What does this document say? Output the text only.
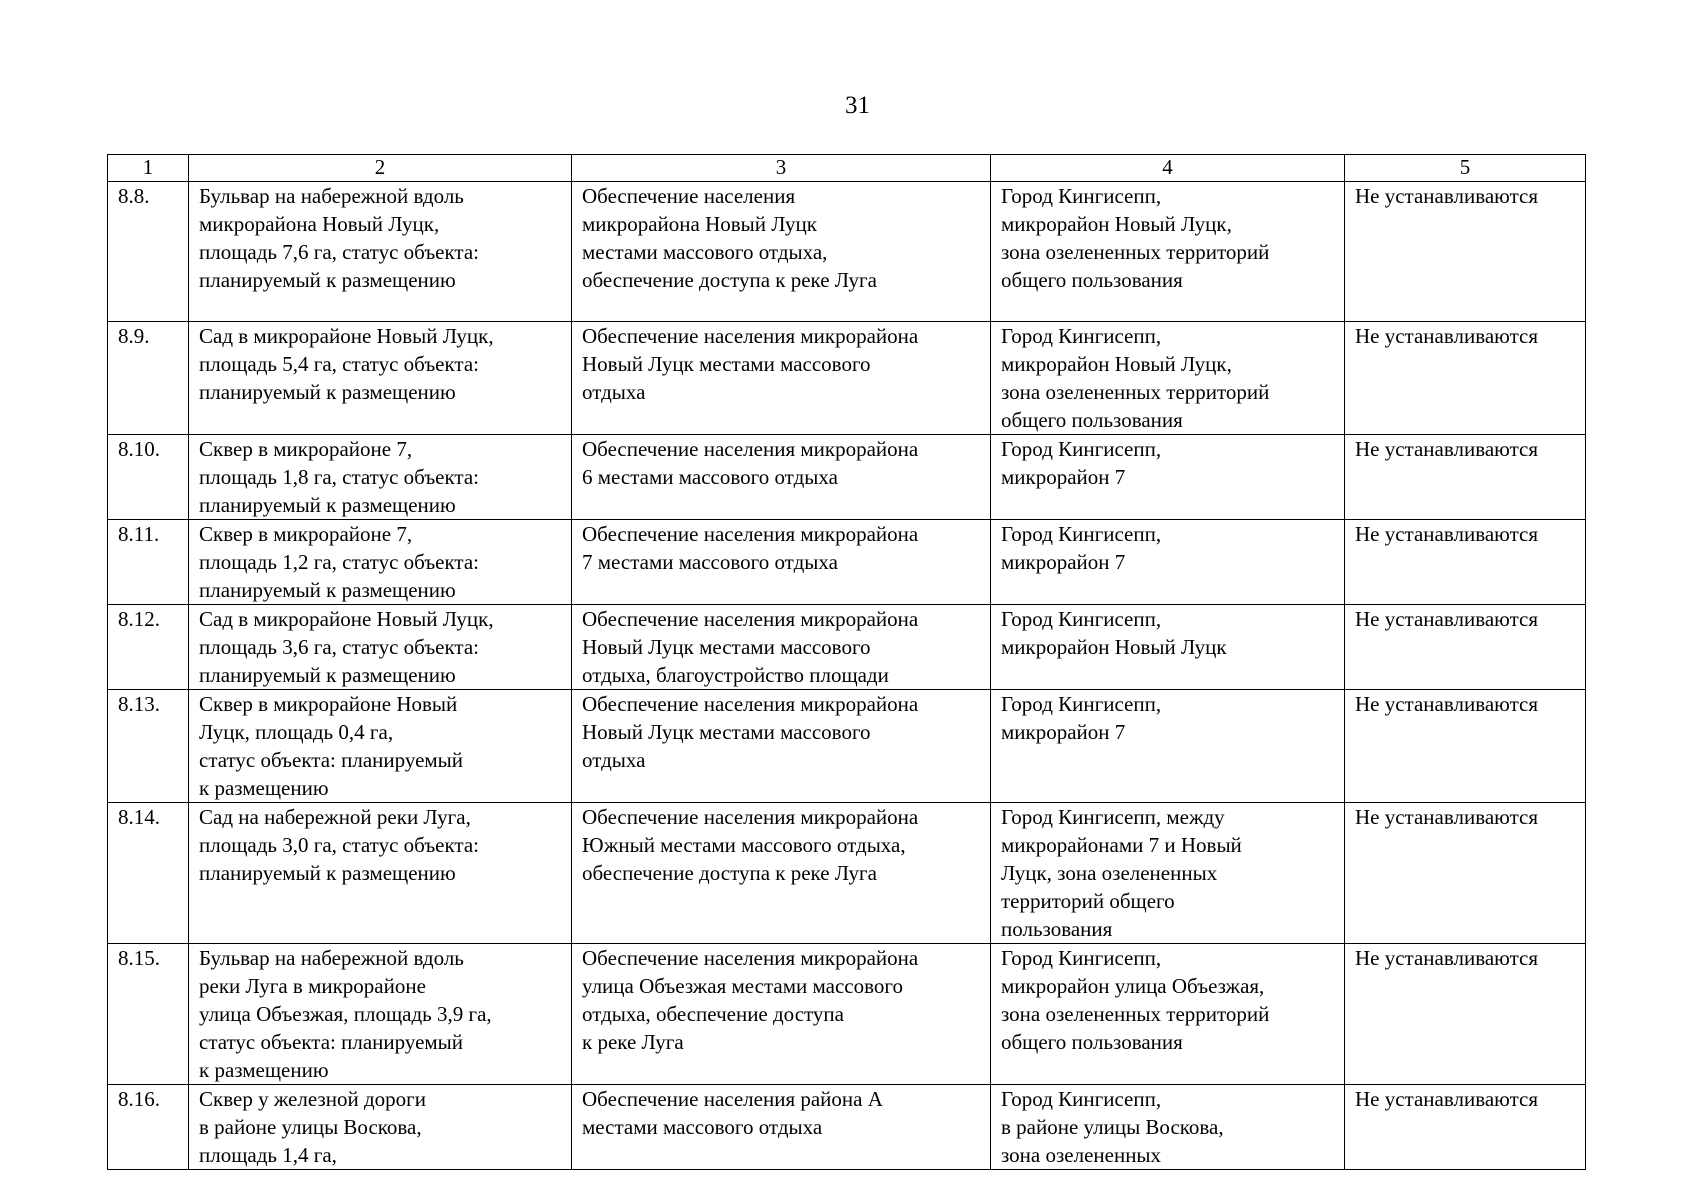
31
1	2	3	4	5
8.8.	Бульвар на набережной вдоль
микрорайона Новый Луцк,
площадь 7,6 га, статус объекта:
планируемый к размещению	Обеспечение населения
микрорайона Новый Луцк
местами массового отдыха,
обеспечение доступа к реке Луга	Город Кингисепп,
микрорайон Новый Луцк,
зона озелененных территорий
общего пользования	Не устанавливаются
8.9.	Сад в микрорайоне Новый Луцк,
площадь 5,4 га, статус объекта:
планируемый к размещению	Обеспечение населения микрорайона
Новый Луцк местами массового
отдыха	Город Кингисепп,
микрорайон Новый Луцк,
зона озелененных территорий
общего пользования	Не устанавливаются
8.10.	Сквер в микрорайоне 7,
площадь 1,8 га, статус объекта:
планируемый к размещению	Обеспечение населения микрорайона
6 местами массового отдыха	Город Кингисепп,
микрорайон 7	Не устанавливаются
8.11.	Сквер в микрорайоне 7,
площадь 1,2 га, статус объекта:
планируемый к размещению	Обеспечение населения микрорайона
7 местами массового отдыха	Город Кингисепп,
микрорайон 7	Не устанавливаются
8.12.	Сад в микрорайоне Новый Луцк,
площадь 3,6 га, статус объекта:
планируемый к размещению	Обеспечение населения микрорайона
Новый Луцк местами массового
отдыха, благоустройство площади	Город Кингисепп,
микрорайон Новый Луцк	Не устанавливаются
8.13.	Сквер в микрорайоне Новый
Луцк, площадь 0,4 га,
статус объекта: планируемый
к размещению	Обеспечение населения микрорайона
Новый Луцк местами массового
отдыха	Город Кингисепп,
микрорайон 7	Не устанавливаются
8.14.	Сад на набережной реки Луга,
площадь 3,0 га, статус объекта:
планируемый к размещению	Обеспечение населения микрорайона
Южный местами массового отдыха,
обеспечение доступа к реке Луга	Город Кингисепп, между
микрорайонами 7 и Новый
Луцк, зона озелененных
территорий общего
пользования	Не устанавливаются
8.15.	Бульвар на набережной вдоль
реки Луга в микрорайоне
улица Объезжая, площадь 3,9 га,
статус объекта: планируемый
к размещению	Обеспечение населения микрорайона
улица Объезжая местами массового
отдыха, обеспечение доступа
к реке Луга	Город Кингисепп,
микрорайон улица Объезжая,
зона озелененных территорий
общего пользования	Не устанавливаются
8.16.	Сквер у железной дороги
в районе улицы Воскова,
площадь 1,4 га,	Обеспечение населения района А
местами массового отдыха	Город Кингисепп,
в районе улицы Воскова,
зона озелененных	Не устанавливаются
